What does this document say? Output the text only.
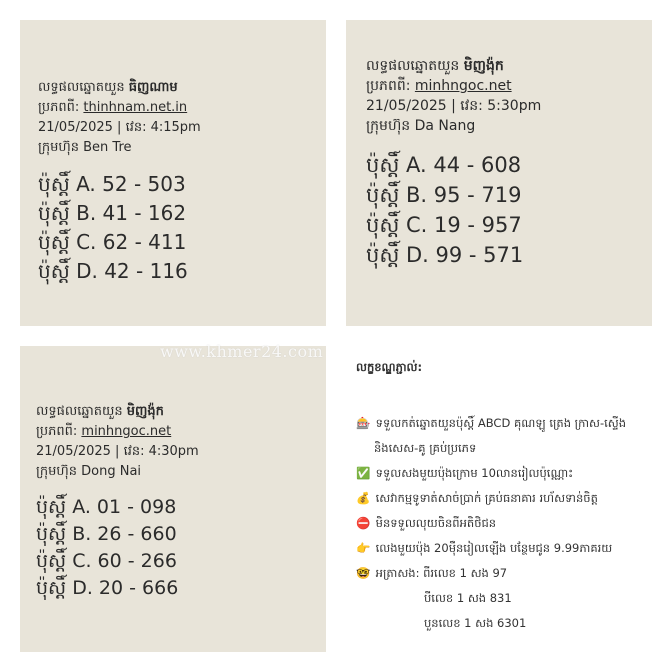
លទ្ធផលឆ្នោតយួន ធិញណាម
ប្រភពពី: thinhnam.net.in
21/05/2025 | វេន: 4:15pm
ក្រុមហ៊ុន Ben Tre
ប៉ុស្តិ៍ A. 52 - 503
ប៉ុស្តិ៍ B. 41 - 162
ប៉ុស្តិ៍ C. 62 - 411
ប៉ុស្តិ៍ D. 42 - 116
លទ្ធផលឆ្នោតយួន មិញង៉ុក
ប្រភពពី: minhngoc.net
21/05/2025 | វេន: 5:30pm
ក្រុមហ៊ុន Da Nang
ប៉ុស្តិ៍ A. 44 - 608
ប៉ុស្តិ៍ B. 95 - 719
ប៉ុស្តិ៍ C. 19 - 957
ប៉ុស្តិ៍ D. 99 - 571
លទ្ធផលឆ្នោតយួន មិញង៉ុក
ប្រភពពី: minhngoc.net
21/05/2025 | វេន: 4:30pm
ក្រុមហ៊ុន Dong Nai
ប៉ុស្តិ៍ A. 01 - 098
ប៉ុស្តិ៍ B. 26 - 660
ប៉ុស្តិ៍ C. 60 - 266
ប៉ុស្តិ៍ D. 20 - 666
www.khmer24.com
លក្ខខណ្ឌភ្ជាល់:
🎰 ទទួលកត់ឆ្នោតយួនប៉ុស្តិ៍ ABCD គុណឡូ ត្រេង ក្រាស-ស្ទើង
និងសេស-គូ គ្រប់ប្រភេទ
✅ ទទួលសងមួយប៉ុងក្រោម 10លានរៀលប៉ុណ្ណោះ
💰 សេវាកម្មទូទាត់សាច់ប្រាក់ គ្រប់ធនាគារ រហ័សទាន់ចិត្ត
⛔ មិនទទួលលុយចិនពីអតិថិជន
👉 លេងមួយប៉ុង 20ម៉ឺនរៀលឡើង បន្ថែមជូន 9.99ភាគរយ
🤓 អត្រាសង: ពីរលេខ 1 សង 97
បីលេខ 1 សង 831
បួនលេខ 1 សង 6301
